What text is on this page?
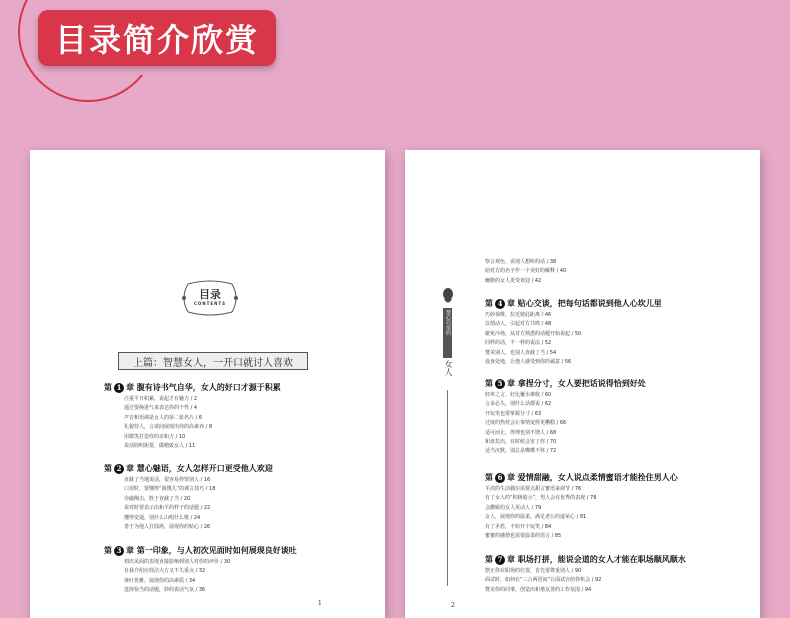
目录简介欣赏
目录
CONTENTS
上篇：智慧女人，一开口就讨人喜欢
第 1 章 腹有诗书气自华，女人的好口才源于积累
注重平日积累，说起才有魅力 / 2
通过要换进气来表达你的个性 / 4
声音和语调是女人的第二张名片 / 6
礼貌待人，言谈间展现出你的高素养 / 8
用微笑打造你的亲和力 / 10
说话简明扼要，做精致女人 / 11
第 2 章 慧心魅语，女人怎样开口更受他人欢迎
直截了当地说话，很容易得罪别人 / 16
口误时，要懂得“圆傻儿”的调言技巧 / 18
旁敲侧击，胜于直截了当 / 20
说对时要表示出和平的样子的话题 / 22
懂得变通，别什么山唱什么歌 / 24
善于为他人打圆场，展现你的贴心 / 26
第 3 章 第一印象，与人初次见面时如何展现良好谈吐
初次见面的表现直接影响到别人对你的评价 / 30
自我介绍应简洁大方又不失重点 / 32
谈吐优雅，展现你的高素质 / 34
选择恰当的话题，妙的说话气氛 / 36
1
慧心巧语的
女人
察言观色，说别人想听的话 / 38
给对方的名字作一个美好的解释 / 40
幽默的女人更受欢迎 / 42
第 4 章 贴心交谈，把每句话都说到他人心坎儿里
巧妙恭维，拉近彼此距离 / 46
以情动人，引起对方共鸣 / 48
避免冷场，从对方熟悉的话题开始说起 / 50
同样的话，不一样的说法 / 52
赞美别人，也别人直截了当 / 54
设身处地，让他人感受到你的诚意 / 56
第 5 章 拿捏分寸，女人要把话说得恰到好处
轻率之言，好比覆水难收 / 60
言多必失，别什么话都说 / 62
开玩笑也要掌握分寸 / 63
过度的热忱会让事情变得更糟糕 / 66
适可而止，得理也别不饶人 / 68
和盘托出，有时候会害了你 / 70
适当沉默，别总是喋喋不休 / 72
第 6 章 爱情甜融，女人说点柔情蜜语才能拴住男人心
平淡的生活偶尔需要点甜言蜜语来调节 / 76
有了女人的“积极暗示”，男人会有优秀的表现 / 78
会撒娇的女人更动人 / 79
女人，展现你的温柔，满足老公的虚荣心 / 81
有了矛盾，不妨开个玩笑 / 84
蜜蜜的感情也需要温柔的语言 / 85
第 7 章 职场打拼，能说会道的女人才能在职场顺风顺水
摆正你在职场的位置，首先要尊重别人 / 90
面试时，如何在“三言两语间”让面试官给你机会 / 92
赞美你的同事，创造出和谐友善的工作氛围 / 94
2
